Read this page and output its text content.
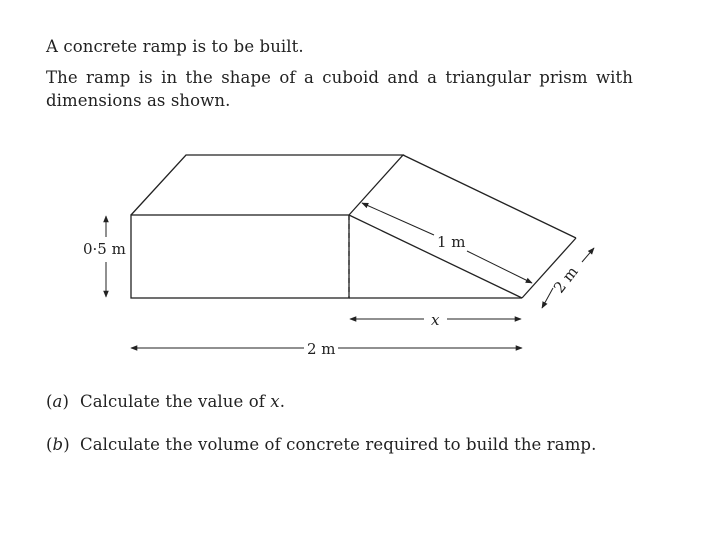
A concrete ramp is to be built.
The ramp is in the shape of a cuboid and a triangular prism with
dimensions as shown.
0·5 m	1 m
2 m
x
2 m
(a) Calculate the value of x.
(b) Calculate the volume of concrete required to build the ramp.
